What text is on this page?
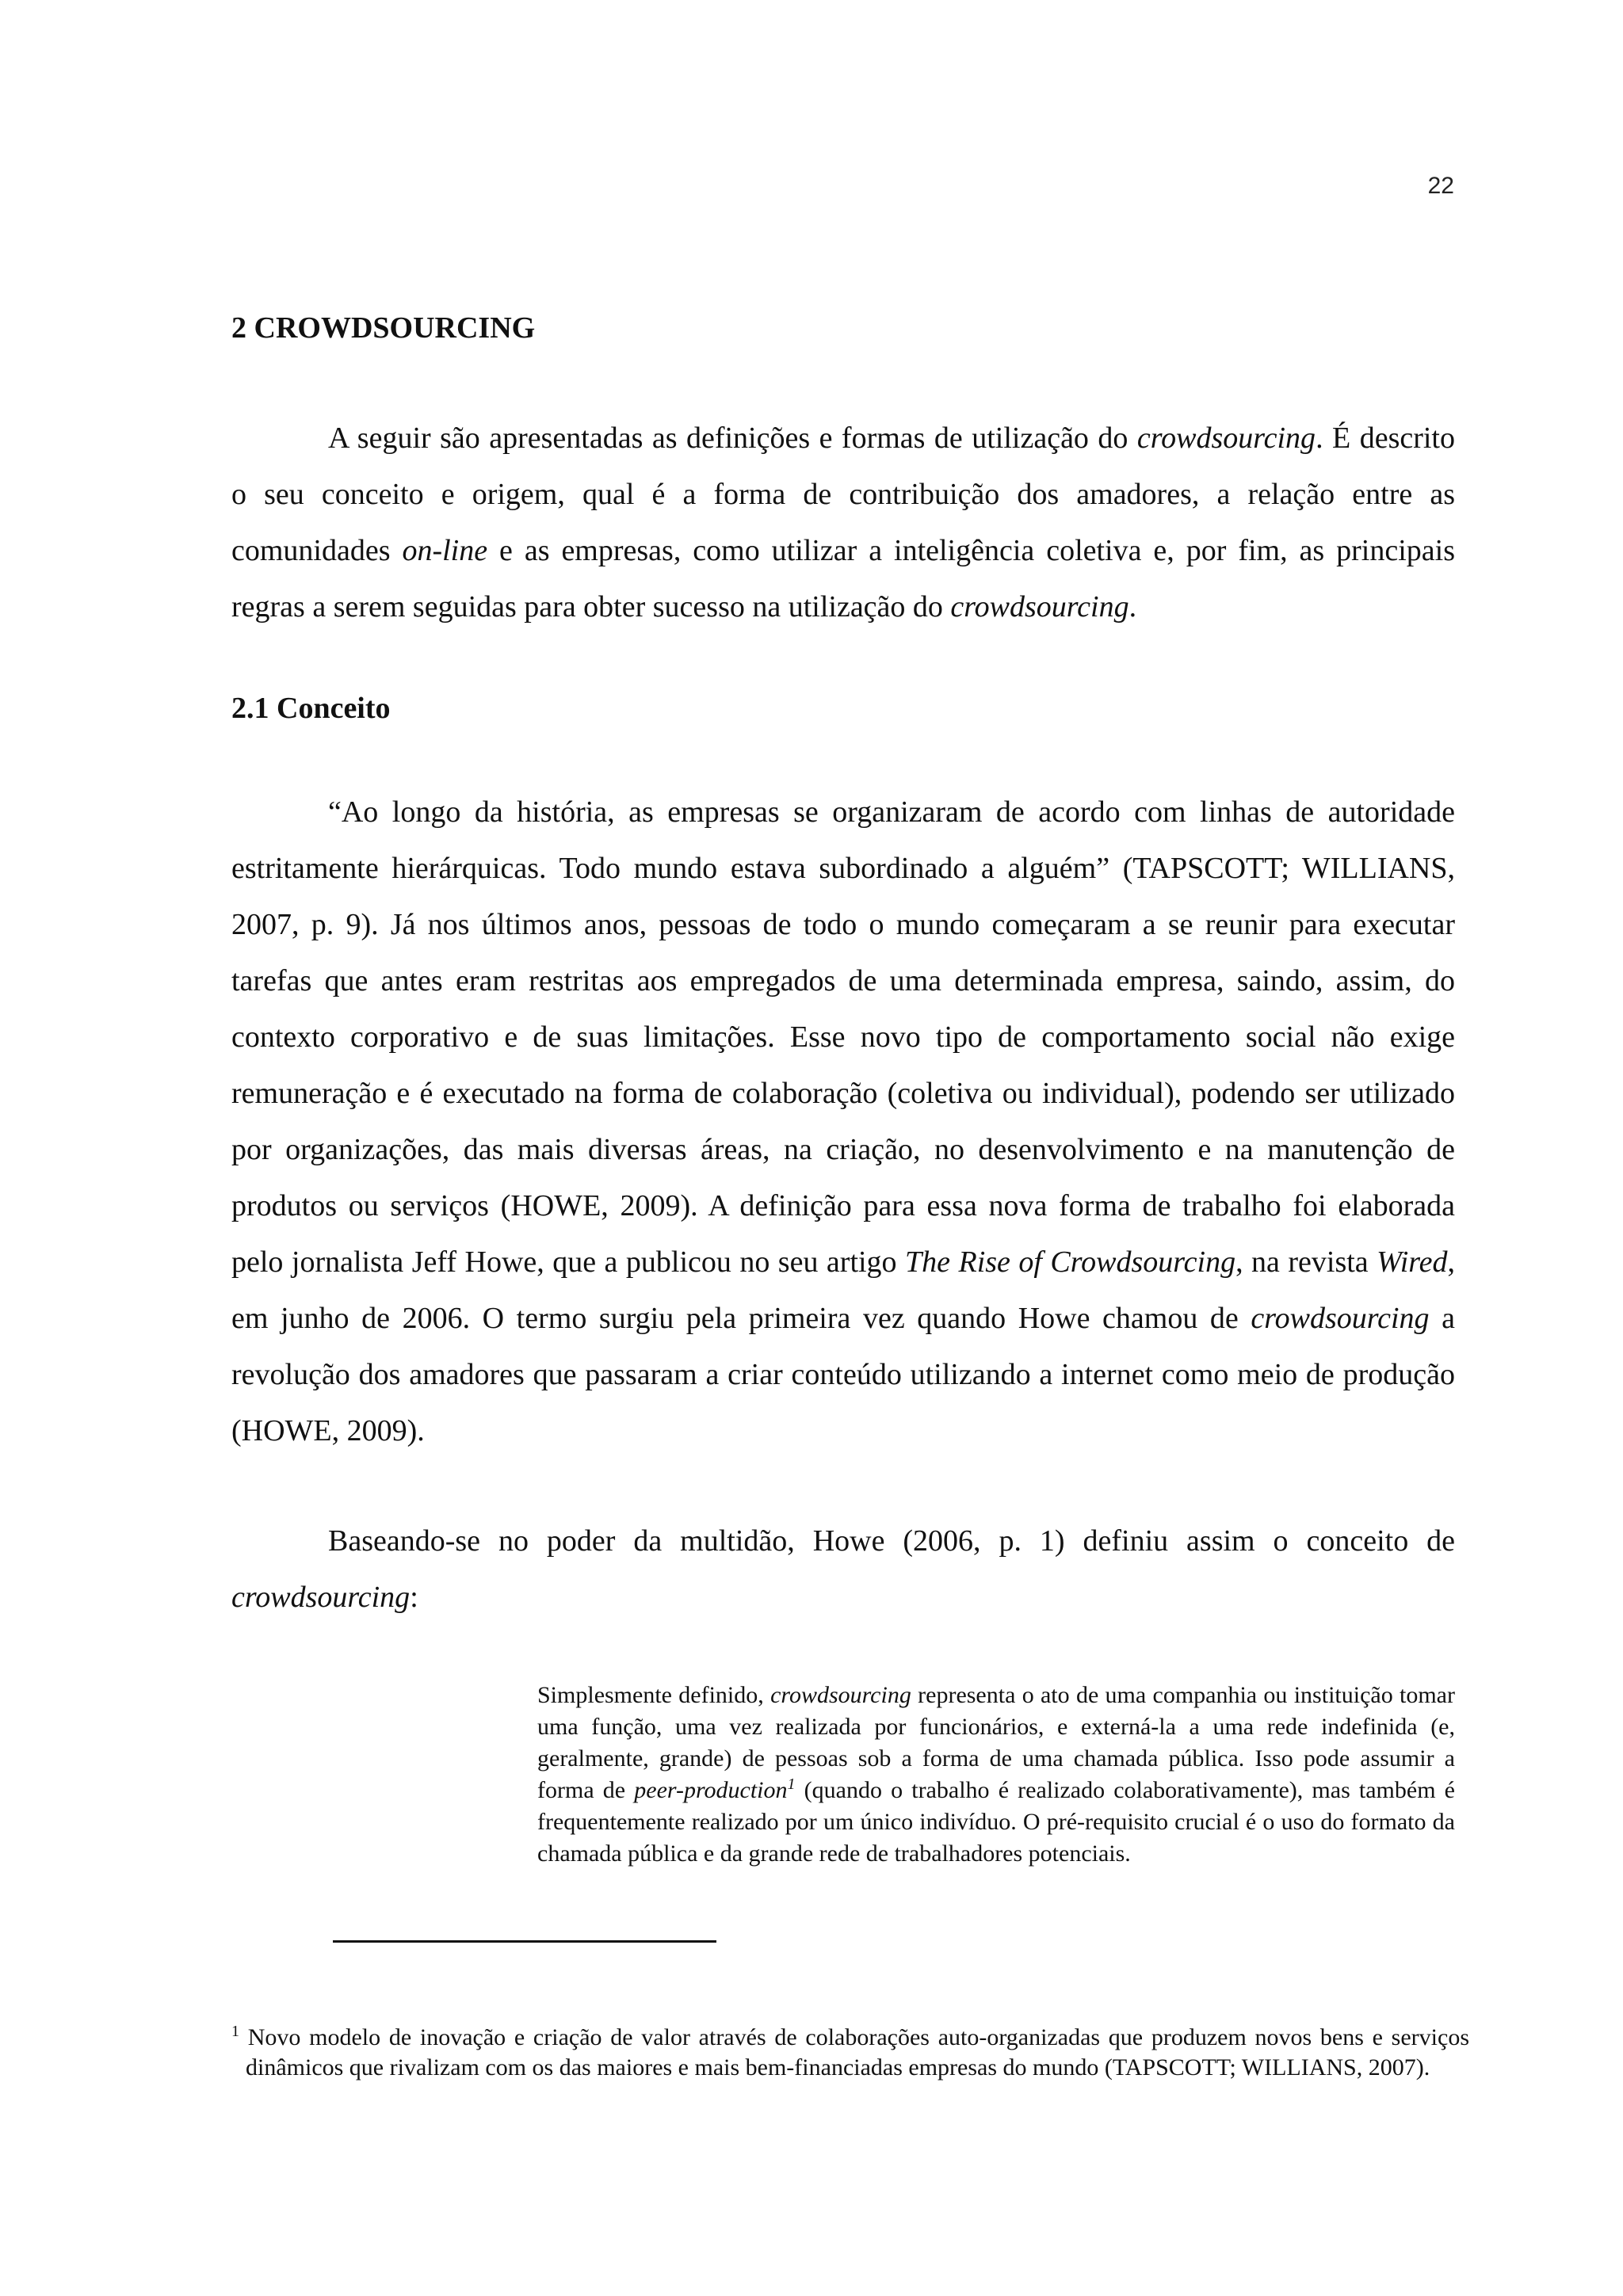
22
2 CROWDSOURCING

A seguir são apresentadas as definições e formas de utilização do crowdsourcing. É descrito o seu conceito e origem, qual é a forma de contribuição dos amadores, a relação entre as comunidades on-line e as empresas, como utilizar a inteligência coletiva e, por fim, as principais regras a serem seguidas para obter sucesso na utilização do crowdsourcing.

2.1 Conceito

“Ao longo da história, as empresas se organizaram de acordo com linhas de autoridade estritamente hierárquicas. Todo mundo estava subordinado a alguém” (TAPSCOTT; WILLIANS, 2007, p. 9). Já nos últimos anos, pessoas de todo o mundo começaram a se reunir para executar tarefas que antes eram restritas aos empregados de uma determinada empresa, saindo, assim, do contexto corporativo e de suas limitações. Esse novo tipo de comportamento social não exige remuneração e é executado na forma de colaboração (coletiva ou individual), podendo ser utilizado por organizações, das mais diversas áreas, na criação, no desenvolvimento e na manutenção de produtos ou serviços (HOWE, 2009). A definição para essa nova forma de trabalho foi elaborada pelo jornalista Jeff Howe, que a publicou no seu artigo The Rise of Crowdsourcing, na revista Wired, em junho de 2006. O termo surgiu pela primeira vez quando Howe chamou de crowdsourcing a revolução dos amadores que passaram a criar conteúdo utilizando a internet como meio de produção (HOWE, 2009).

Baseando-se no poder da multidão, Howe (2006, p. 1) definiu assim o conceito de crowdsourcing:

Simplesmente definido, crowdsourcing representa o ato de uma companhia ou instituição tomar uma função, uma vez realizada por funcionários, e externá-la a uma rede indefinida (e, geralmente, grande) de pessoas sob a forma de uma chamada pública. Isso pode assumir a forma de peer-production$^1$ (quando o trabalho é realizado colaborativamente), mas também é frequentemente realizado por um único indivíduo. O pré-requisito crucial é o uso do formato da chamada pública e da grande rede de trabalhadores potenciais.

$^1$ Novo modelo de inovação e criação de valor através de colaborações auto-organizadas que produzem novos bens e serviços dinâmicos que rivalizam com os das maiores e mais bem-financiadas empresas do mundo (TAPSCOTT; WILLIANS, 2007).
